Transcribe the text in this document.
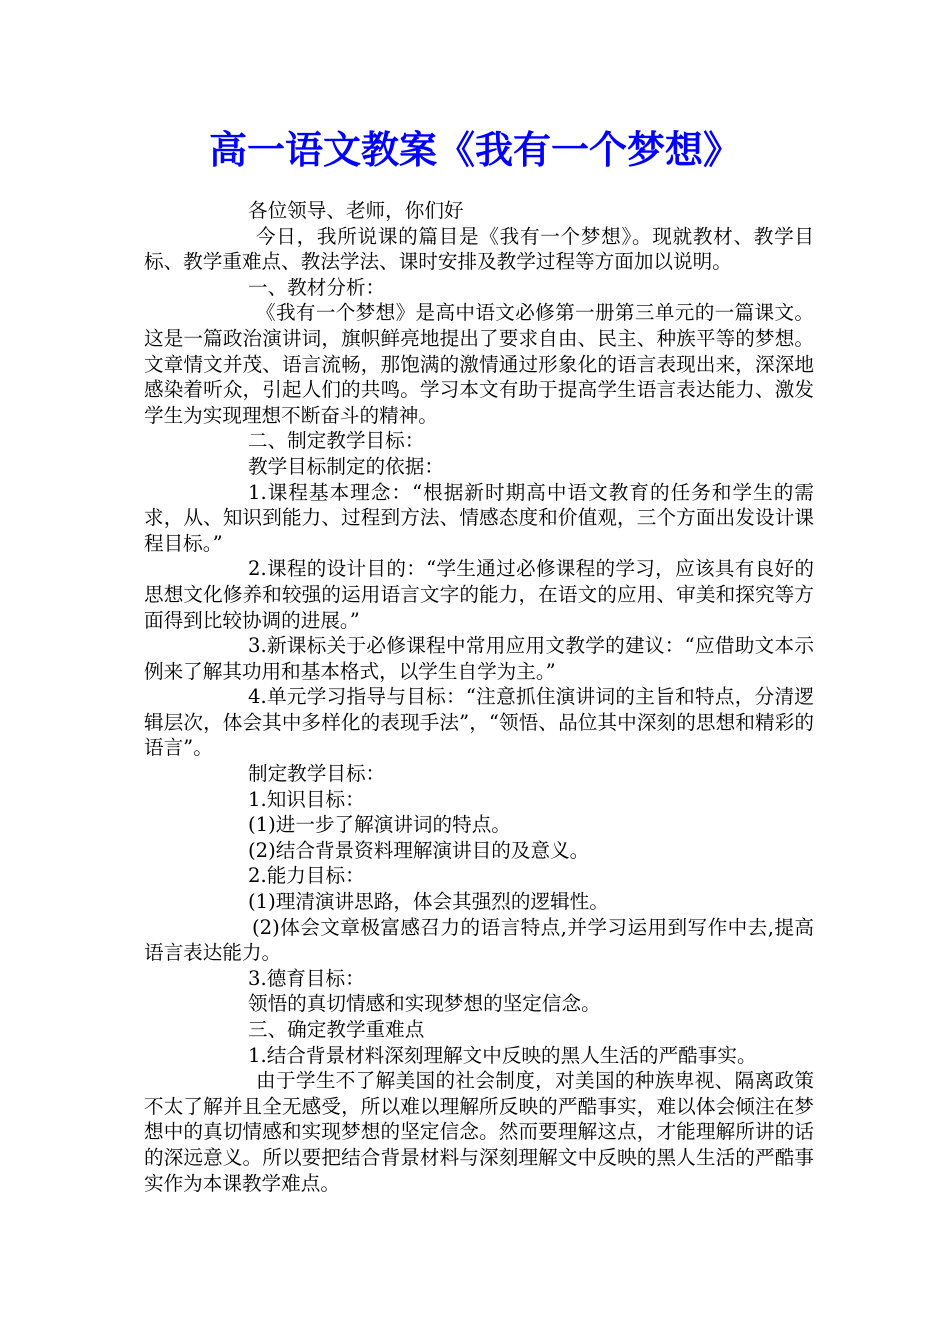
高一语文教案《我有一个梦想》

各位领导、老师，你们好

今日，我所说课的篇目是《我有一个梦想》。现就教材、教学目标、教学重难点、教法学法、课时安排及教学过程等方面加以说明。

一、教材分析：

《我有一个梦想》是高中语文必修第一册第三单元的一篇课文。这是一篇政治演讲词，旗帜鲜亮地提出了要求自由、民主、种族平等的梦想。文章情文并茂、语言流畅，那饱满的激情通过形象化的语言表现出来，深深地感染着听众，引起人们的共鸣。学习本文有助于提高学生语言表达能力、激发学生为实现理想不断奋斗的精神。

二、制定教学目标：

教学目标制定的依据：

1.课程基本理念：“根据新时期高中语文教育的任务和学生的需求，从、知识到能力、过程到方法、情感态度和价值观，三个方面出发设计课程目标。”

2.课程的设计目的：“学生通过必修课程的学习，应该具有良好的思想文化修养和较强的运用语言文字的能力，在语文的应用、审美和探究等方面得到比较协调的进展。”

3.新课标关于必修课程中常用应用文教学的建议：“应借助文本示例来了解其功用和基本格式，以学生自学为主。”

4.单元学习指导与目标：“注意抓住演讲词的主旨和特点，分清逻辑层次，体会其中多样化的表现手法”，“领悟、品位其中深刻的思想和精彩的语言”。

制定教学目标：

1.知识目标：

(1)进一步了解演讲词的特点。

(2)结合背景资料理解演讲目的及意义。

2.能力目标：

(1)理清演讲思路，体会其强烈的逻辑性。

(2)体会文章极富感召力的语言特点,并学习运用到写作中去,提高语言表达能力。

3.德育目标：

领悟的真切情感和实现梦想的坚定信念。

三、确定教学重难点

1.结合背景材料深刻理解文中反映的黑人生活的严酷事实。

由于学生不了解美国的社会制度，对美国的种族卑视、隔离政策不太了解并且全无感受，所以难以理解所反映的严酷事实，难以体会倾注在梦想中的真切情感和实现梦想的坚定信念。然而要理解这点，才能理解所讲的话的深远意义。所以要把结合背景材料与深刻理解文中反映的黑人生活的严酷事实作为本课教学难点。
